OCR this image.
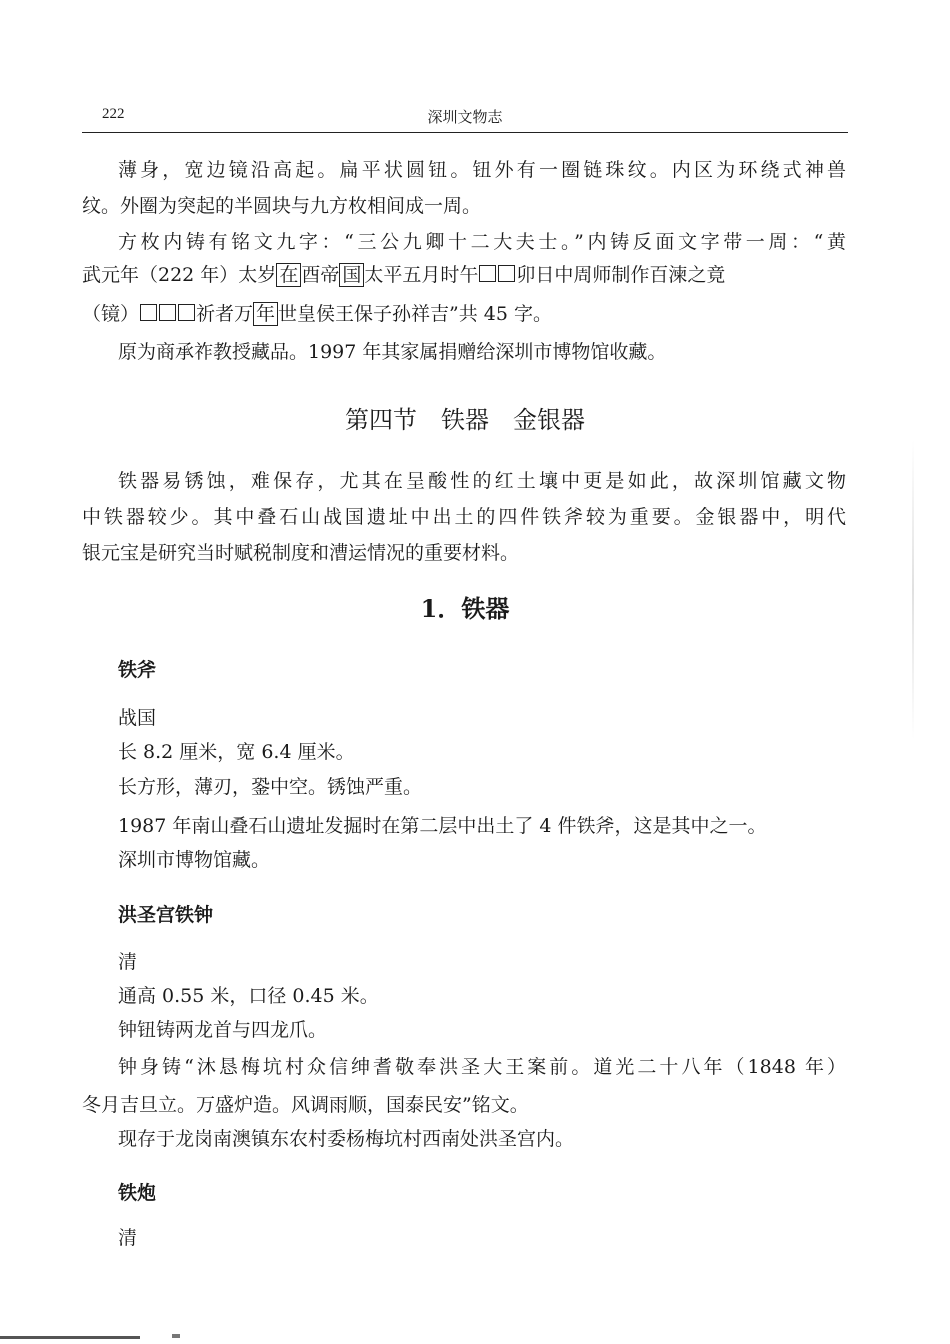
222	深圳文物志
薄身，宽边镜沿高起。扁平状圆钮。钮外有一圈链珠纹。内区为环绕式神兽
纹。外圈为突起的半圆块与九方枚相间成一周。
方枚内铸有铭文九字：“三公九卿十二大夫士。”内铸反面文字带一周：“黄
武元年（222 年）太岁 在 酉帝 国 太平五月时午 卯日中周师制作百湅之竟
（镜）	祈者万 年 世皇侯王保子孙祥吉”共 45 字。
原为商承祚教授藏品。1997 年其家属捐赠给深圳市博物馆收藏。
第四节　铁器　金银器
铁器易锈蚀，难保存，尤其在呈酸性的红土壤中更是如此，故深圳馆藏文物
中铁器较少。其中叠石山战国遗址中出土的四件铁斧较为重要。金银器中，明代
银元宝是研究当时赋税制度和漕运情况的重要材料。
1．铁器
铁斧
战国
长 8.2 厘米，宽 6.4 厘米。
长方形，薄刃，銎中空。锈蚀严重。
1987 年南山叠石山遗址发掘时在第二层中出土了 4 件铁斧，这是其中之一。
深圳市博物馆藏。
洪圣宫铁钟
清
通高 0.55 米，口径 0.45 米。
钟钮铸两龙首与四龙爪。
钟身铸“沐恳梅坑村众信绅耆敬奉洪圣大王案前。道光二十八年（1848 年）
冬月吉旦立。万盛炉造。风调雨顺，国泰民安”铭文。
现存于龙岗南澳镇东农村委杨梅坑村西南处洪圣宫内。
铁炮
清
